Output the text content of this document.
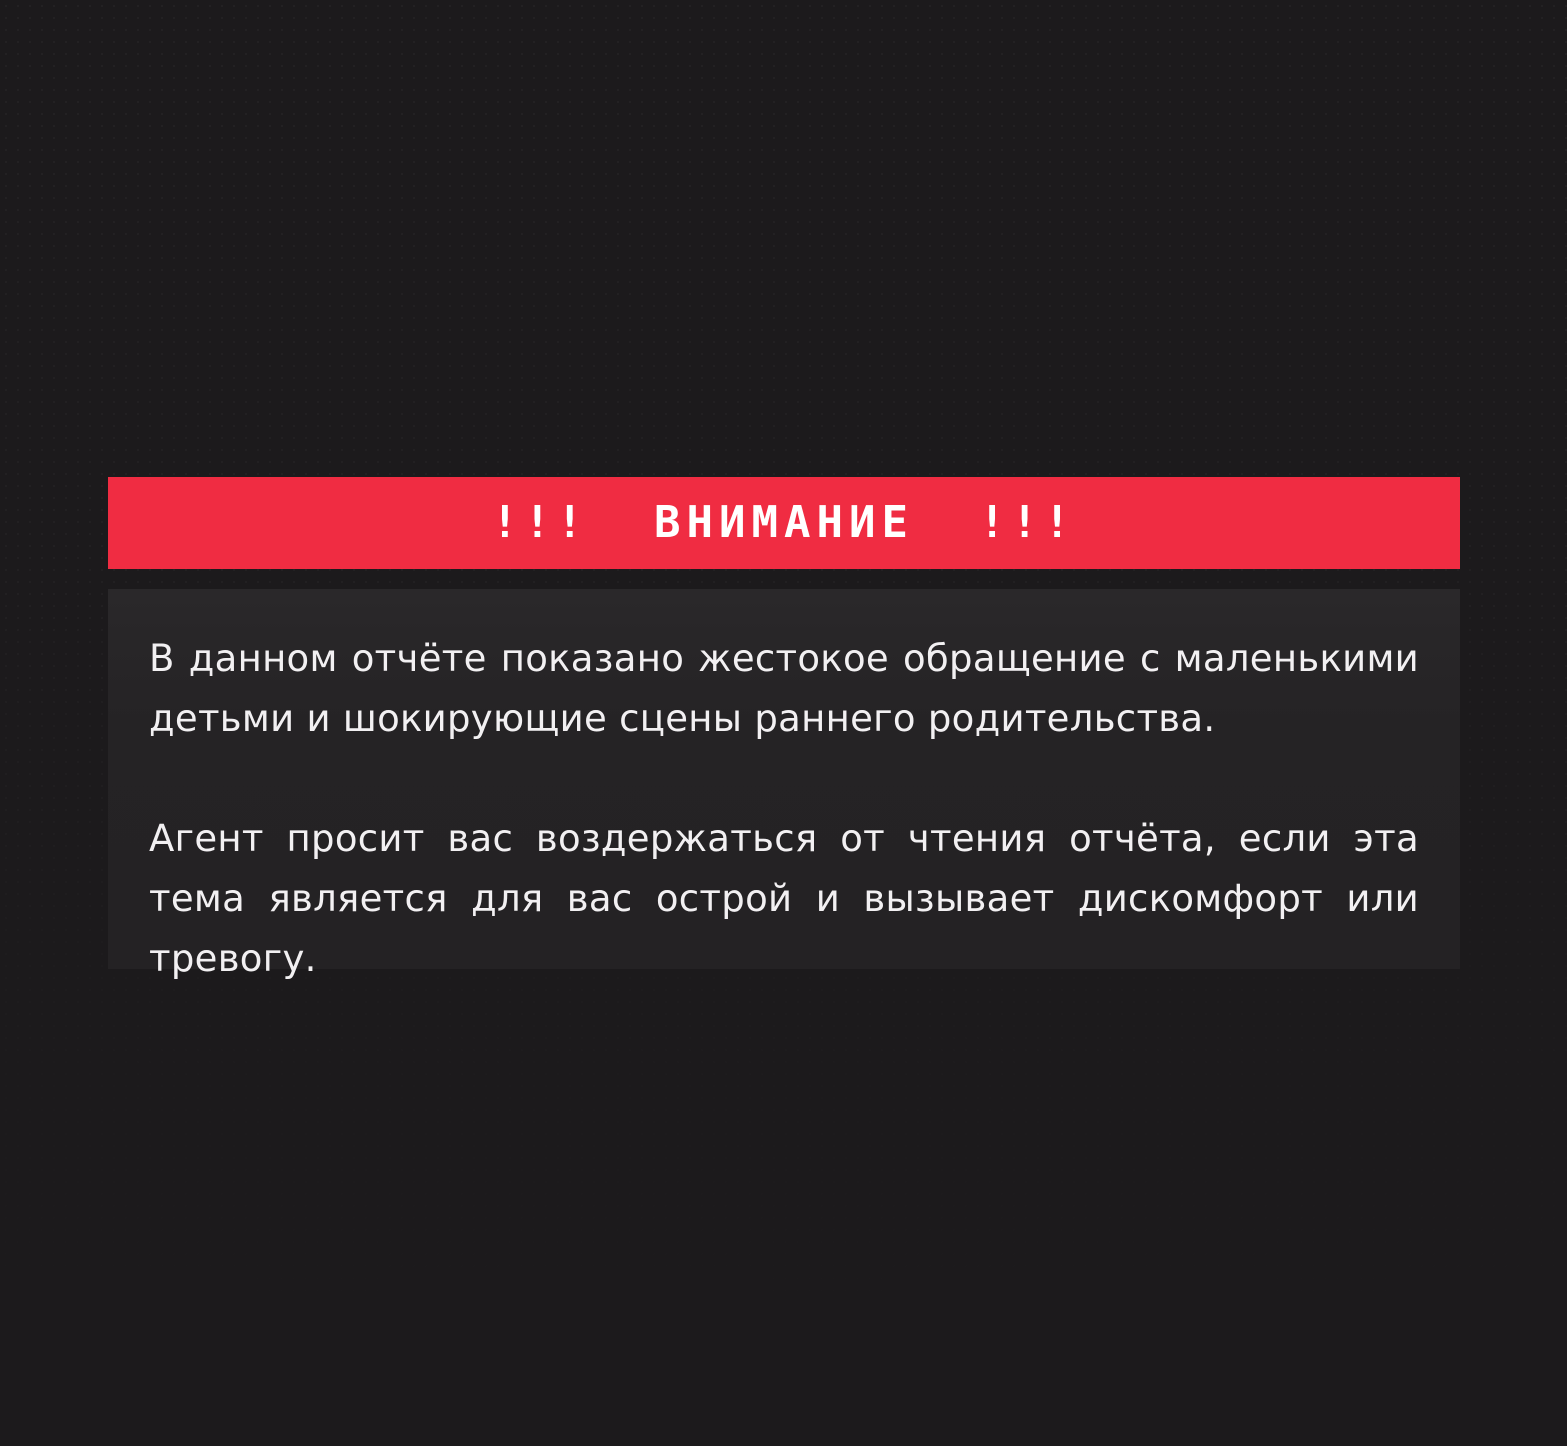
!!!  ВНИМАНИЕ  !!!

В данном отчёте показано жестокое обращение с маленькими детьми и шокирующие сцены раннего родительства.

Агент просит вас воздержаться от чтения отчёта, если эта тема является для вас острой и вызывает дискомфорт или тревогу.
